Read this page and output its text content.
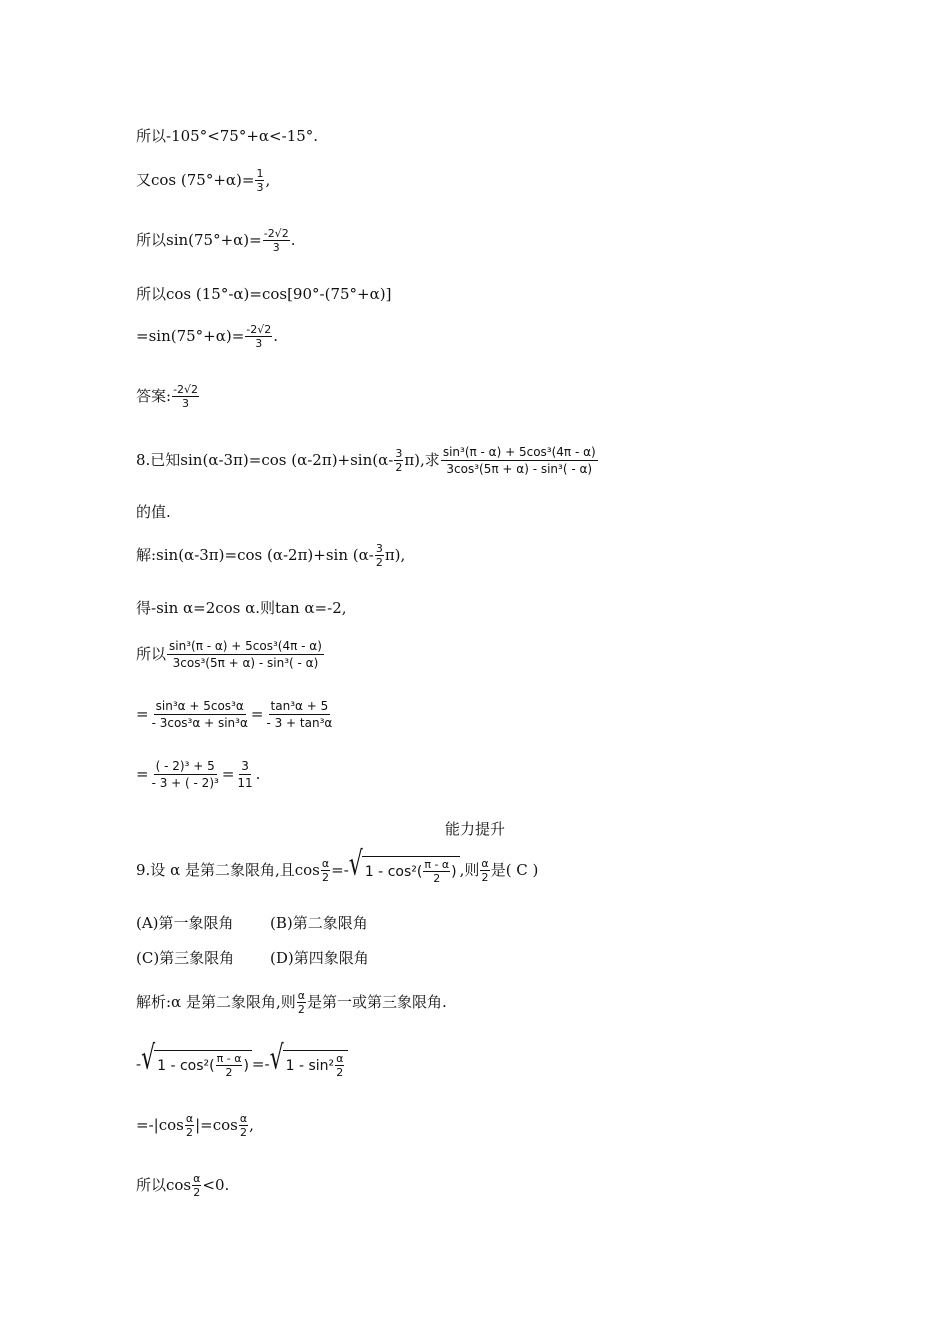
所以-105°<75°+α<-15°.
又$\cos (75^\circ+\alpha)= \frac{1}{3}$ ,
所以$\sin(75^\circ+\alpha)= \frac{-2√2}{3}$ .
所以cos (15°-α)=cos[90°-(75°+α)]
$=\sin(75^\circ+\alpha)= \frac{-2√2}{3}$ .
答案: $\frac{-2√2}{3}$
8.已知sin(α-3π)=cos $(\alpha-2\pi)+\sin(\alpha- \frac{3}{2} \pi)$,求 $\frac{\text{sin³(π - α) + 5cos³(4π - α)}}{\text{3cos³(5π + α) - sin³( - α)}}$
的值.
解:sin(α-3π)=cos (α-2π)+sin $(\alpha- \frac{3}{2} \pi)$,
得-sin α=2cos α.则tan α=-2,
所以 $\frac{\text{sin³(π - α) + 5cos³(4π - α)}}{\text{3cos³(5π + α) - sin³( - α)}}$
= $\frac{\text{sin³α + 5cos³α}}{\text{- 3cos³α + sin³α}} = \frac{\text{tan³α + 5}}{\text{- 3 + tan³α}}$
= $\frac{\text{( - 2)³ + 5}}{\text{- 3 + ( - 2)³}} = \frac{3}{11}$ .
能力提升
9.设 α 是第二象限角,且$\cos \frac{\alpha}{2}$ =- √ $1 - \cos^2( \frac{\pi - \alpha}{2}$ ) ,则 $\frac{\alpha}{2}$ 是( C )
(A)第一象限角	(B)第二象限角
(C)第三象限角	(D)第四象限角
解析:α 是第二象限角,则 $\frac{\alpha}{2}$ 是第一或第三象限角.
- √ $1 - \cos^2( \frac{\pi - \alpha}{2}$ ) =- √ $1 - \sin^2 \frac{\alpha}{2}$
$=-|\cos \frac{\alpha}{2} |=\cos \frac{\alpha}{2}$ ,
所以$\cos \frac{\alpha}{2} <0$.
